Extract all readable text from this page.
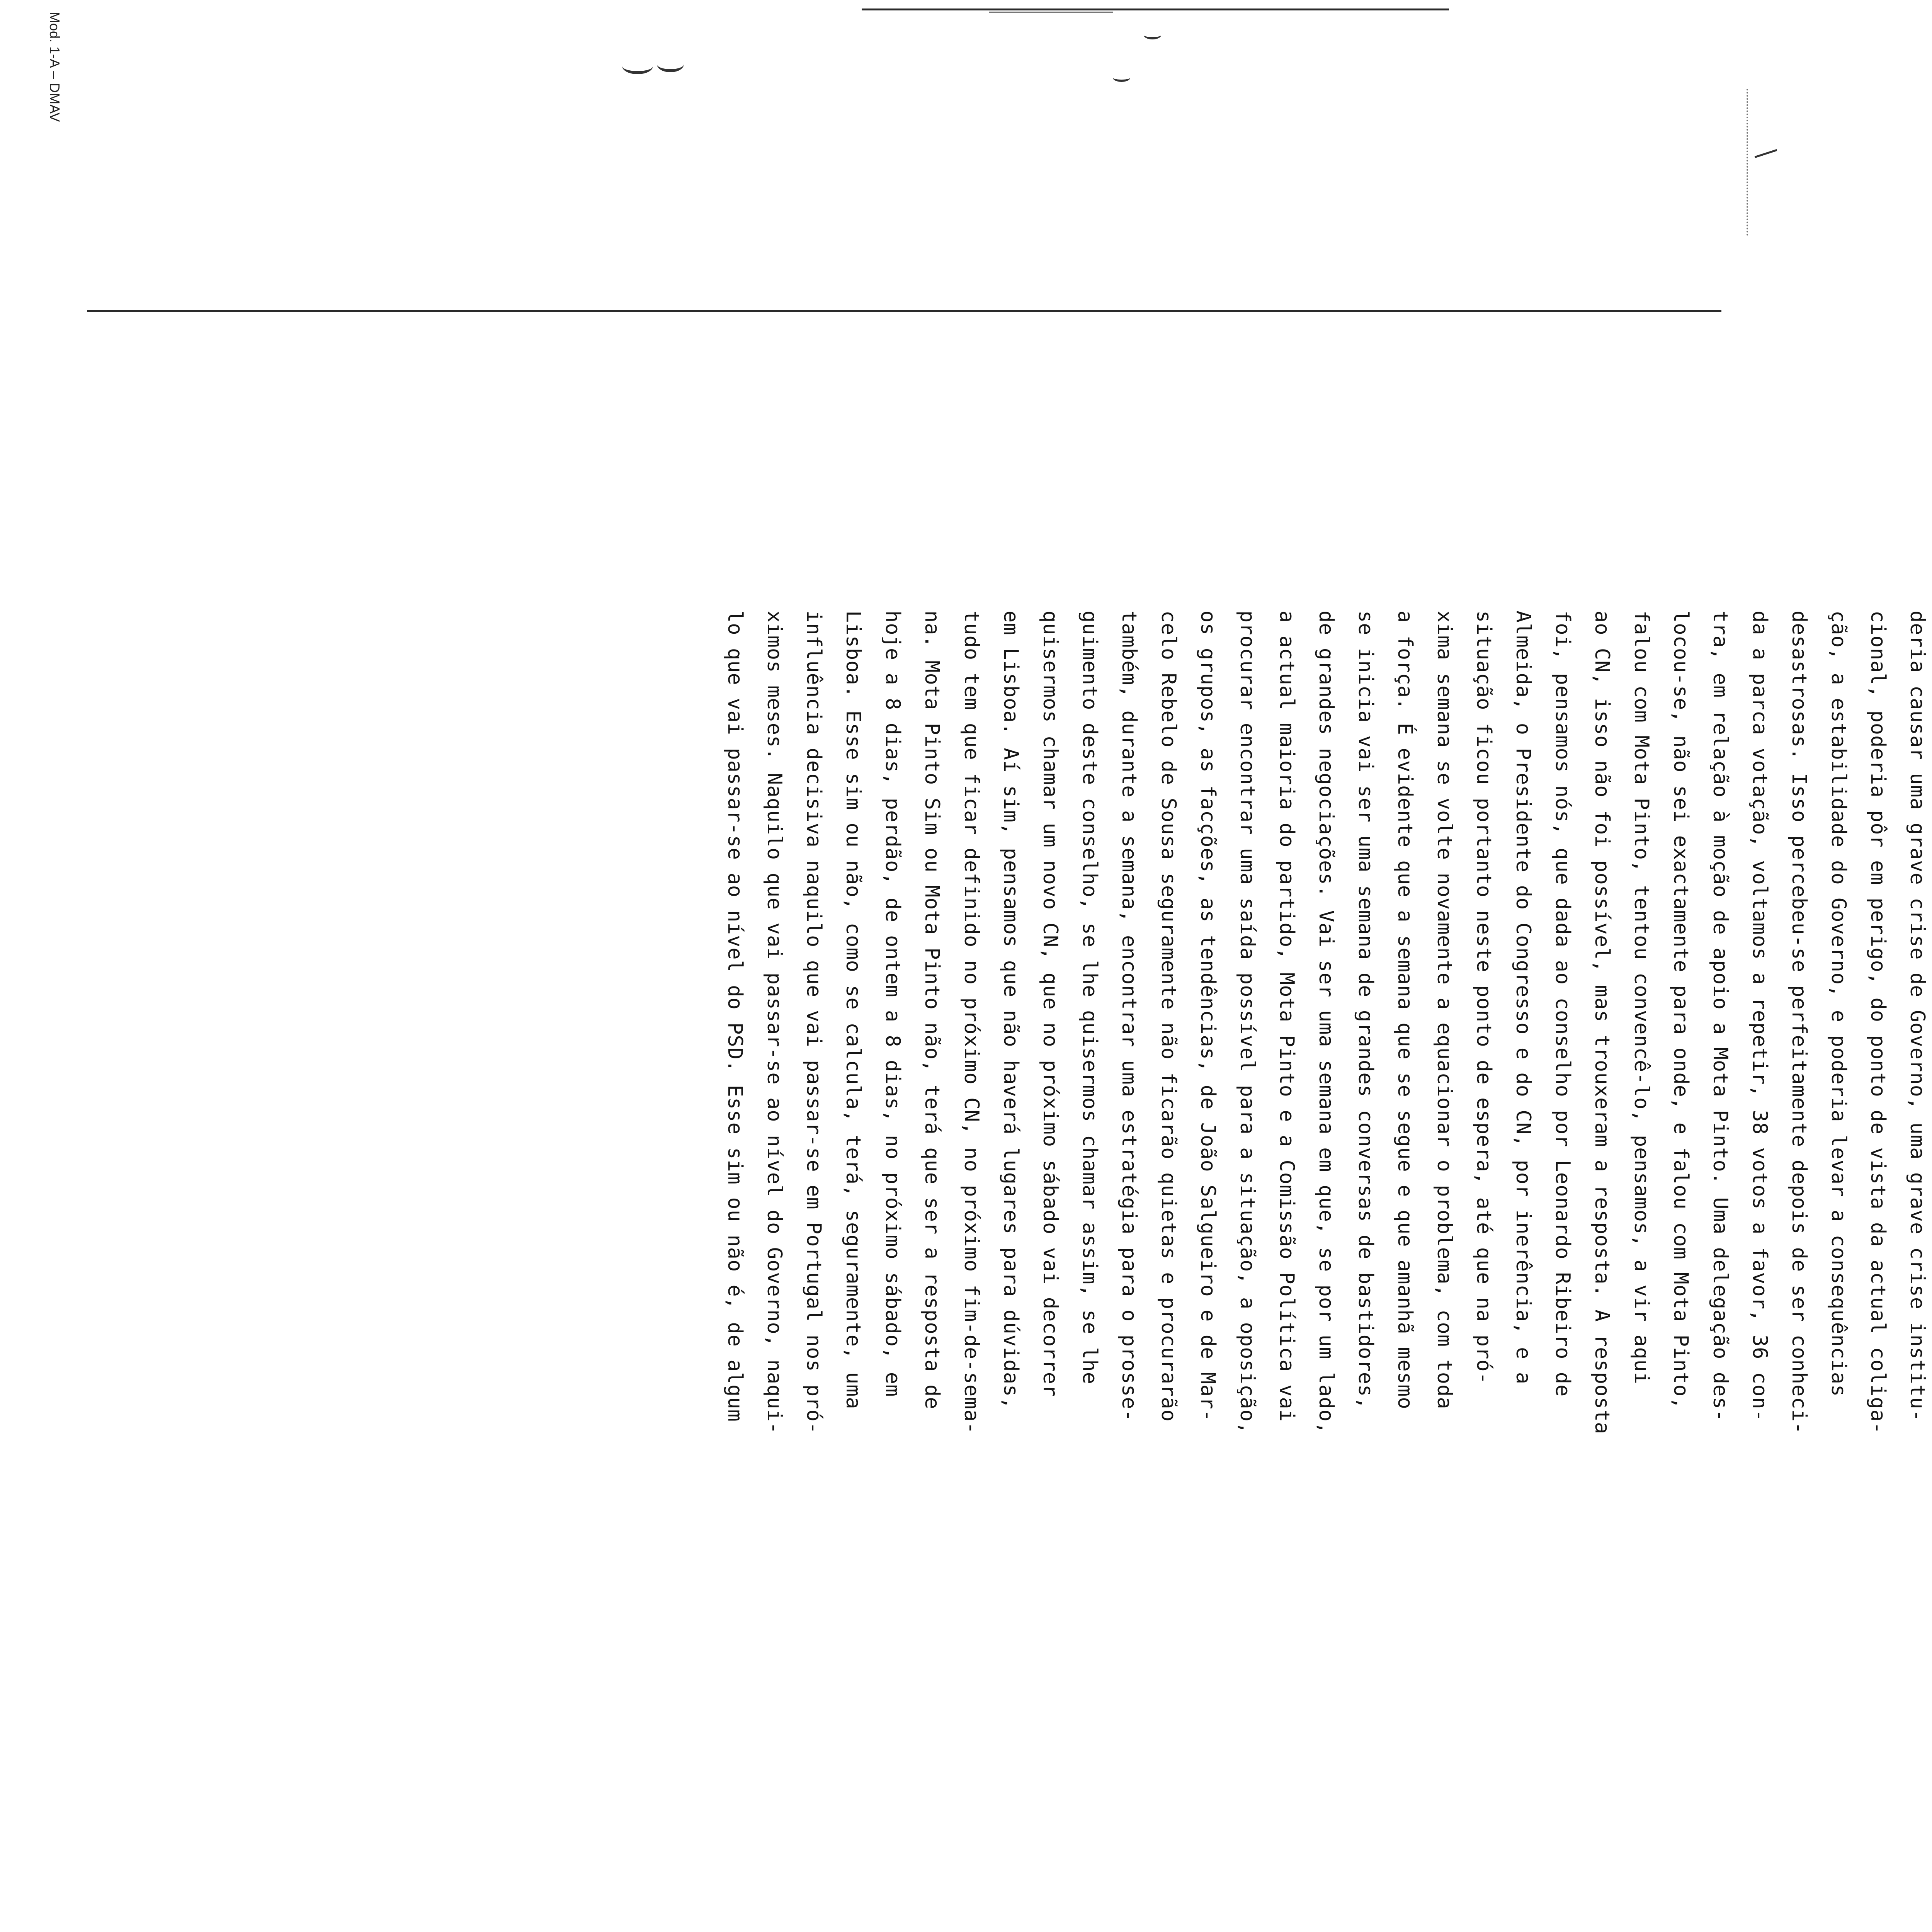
Mod. 1-A – DMAV
deria causar uma grave crise de Governo, uma grave crise institu-
cional, poderia pôr em perigo, do ponto de vista da actual coliga-
ção, a estabilidade do Governo, e poderia levar a consequências
desastrosas. Isso percebeu-se perfeitamente depois de ser conheci-
da a parca votação, voltamos a repetir, 38 votos a favor, 36 con-
tra, em relação à moção de apoio a Mota Pinto. Uma delegação des-
locou-se, não sei exactamente para onde, e falou com Mota Pinto,
falou com Mota Pinto, tentou convencê-lo, pensamos, a vir aqui
ao CN, isso não foi possível, mas trouxeram a resposta. A resposta
foi, pensamos nós, que dada ao conselho por Leonardo Ribeiro de
Almeida, o Presidente do Congresso e do CN, por inerência, e a
situação ficou portanto neste ponto de espera, até que na pró-
xima semana se volte novamente a equacionar o problema, com toda
a força. É evidente que a semana que se segue e que amanhã mesmo
se inicia vai ser uma semana de grandes conversas de bastidores,
de grandes negociações. Vai ser uma semana em que, se por um lado,
a actual maioria do partido, Mota Pinto e a Comissão Política vai
procurar encontrar uma saída possível para a situação, a oposição,
os grupos, as facções, as tendências, de João Salgueiro e de Mar-
celo Rebelo de Sousa seguramente não ficarão quietas e procurarão
também, durante a semana, encontrar uma estratégia para o prosse-
guimento deste conselho, se lhe quisermos chamar assim, se lhe
quisermos chamar um novo CN, que no próximo sábado vai decorrer
em Lisboa. Aí sim, pensamos que não haverá lugares para dúvidas,
tudo tem que ficar definido no próximo CN, no próximo fim-de-sema-
na. Mota Pinto Sim ou Mota Pinto não, terá que ser a resposta de
hoje a 8 dias, perdão, de ontem a 8 dias, no próximo sábado, em
Lisboa. Esse sim ou não, como se calcula, terá, seguramente, uma
influência decisiva naquilo que vai passar-se em Portugal nos pró-
ximos meses. Naquilo que vai passar-se ao nível do Governo, naqui-
lo que vai passar-se ao nível do PSD. Esse sim ou não é, de algum
